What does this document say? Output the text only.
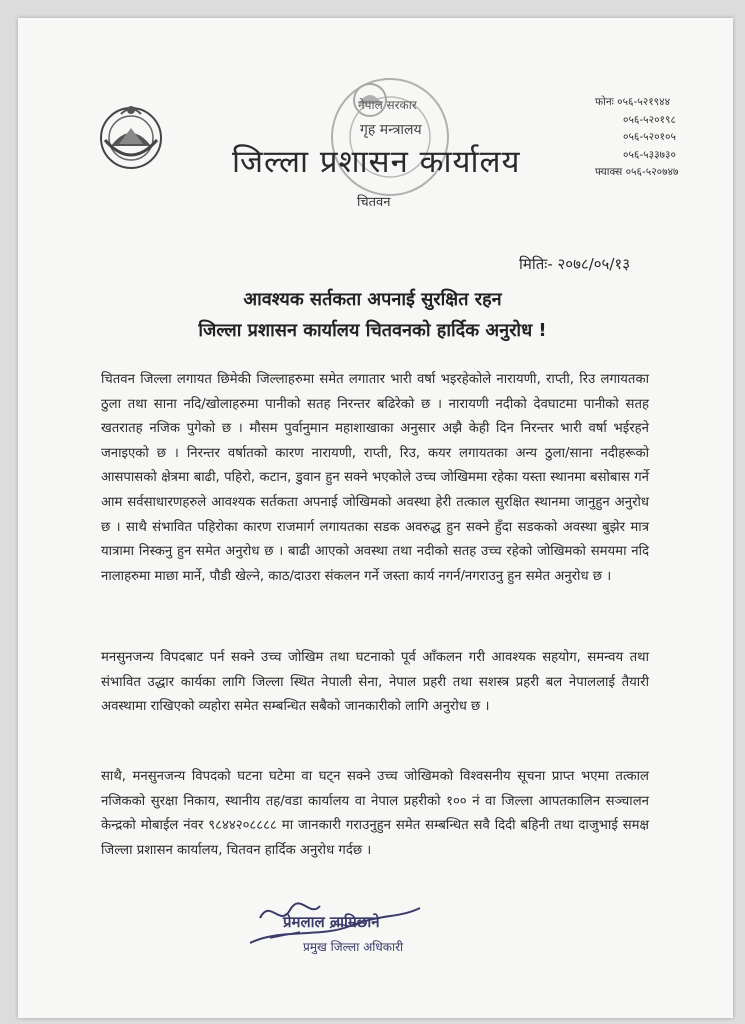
नेपाल सरकार
गृह मन्त्रालय
जिल्ला प्रशासन कार्यालय
चितवन
फोनः ०५६-५२१९४४
०५६-५२०१९८
०५६-५२०१०५
०५६-५३३७३०
फ्याक्स ०५६-५२०७४७
मितिः- २०७८/०५/१३
आवश्यक सर्तकता अपनाई सुरक्षित रहन
जिल्ला प्रशासन कार्यालय चितवनको हार्दिक अनुरोध !
चितवन जिल्ला लगायत छिमेकी जिल्लाहरुमा समेत लगातार भारी वर्षा भइरहेकोले नारायणी, राप्ती, रिउ लगायतका ठुला तथा साना नदि/खोलाहरुमा पानीको सतह निरन्तर बढिरेको छ । नारायणी नदीको देवघाटमा पानीको सतह खतरातह नजिक पुगेको छ । मौसम पुर्वानुमान महाशाखाका अनुसार अझै केही दिन निरन्तर भारी वर्षा भईरहने जनाइएको छ । निरन्तर वर्षातको कारण नारायणी, राप्ती, रिउ, कयर लगायतका अन्य ठुला/साना नदीहरूको आसपासको क्षेत्रमा बाढी, पहिरो, कटान, डुवान हुन सक्ने भएकोले उच्च जोखिममा रहेका यस्ता स्थानमा बसोबास गर्ने आम सर्वसाधारणहरुले आवश्यक सर्तकता अपनाई जोखिमको अवस्था हेरी तत्काल सुरक्षित स्थानमा जानुहुन अनुरोध छ । साथै संभावित पहिरोका कारण राजमार्ग लगायतका सडक अवरुद्ध हुन सक्ने हुँदा सडकको अवस्था बुझेर मात्र यात्रामा निस्कनु हुन समेत अनुरोध छ । बाढी आएको अवस्था तथा नदीको सतह उच्च रहेको जोखिमको समयमा नदि नालाहरुमा माछा मार्ने, पौडी खेल्ने, काठ/दाउरा संकलन गर्ने जस्ता कार्य नगर्न/नगराउनु हुन समेत अनुरोध छ ।
मनसुनजन्य विपदबाट पर्न सक्ने उच्च जोखिम तथा घटनाको पूर्व आँकलन गरी आवश्यक सहयोग, समन्वय तथा संभावित उद्धार कार्यका लागि जिल्ला स्थित नेपाली सेना, नेपाल प्रहरी तथा सशस्त्र प्रहरी बल नेपाललाई तैयारी अवस्थामा राखिएको व्यहोरा समेत सम्बन्धित सबैको जानकारीको लागि अनुरोध छ ।
साथै, मनसुनजन्य विपदको घटना घटेमा वा घट्न सक्ने उच्च जोखिमको विश्वसनीय सूचना प्राप्त भएमा तत्काल नजिकको सुरक्षा निकाय, स्थानीय तह/वडा कार्यालय वा नेपाल प्रहरीको १०० नं वा जिल्ला आपतकालिन सञ्चालन केन्द्रको मोबाईल नंवर ९८४४२०८८८८ मा जानकारी गराउनुहुन समेत सम्बन्धित सवै दिदी बहिनी तथा दाजुभाई समक्ष जिल्ला प्रशासन कार्यालय, चितवन हार्दिक अनुरोध गर्दछ ।
प्रेमलाल लामिछाने
प्रमुख जिल्ला अधिकारी
